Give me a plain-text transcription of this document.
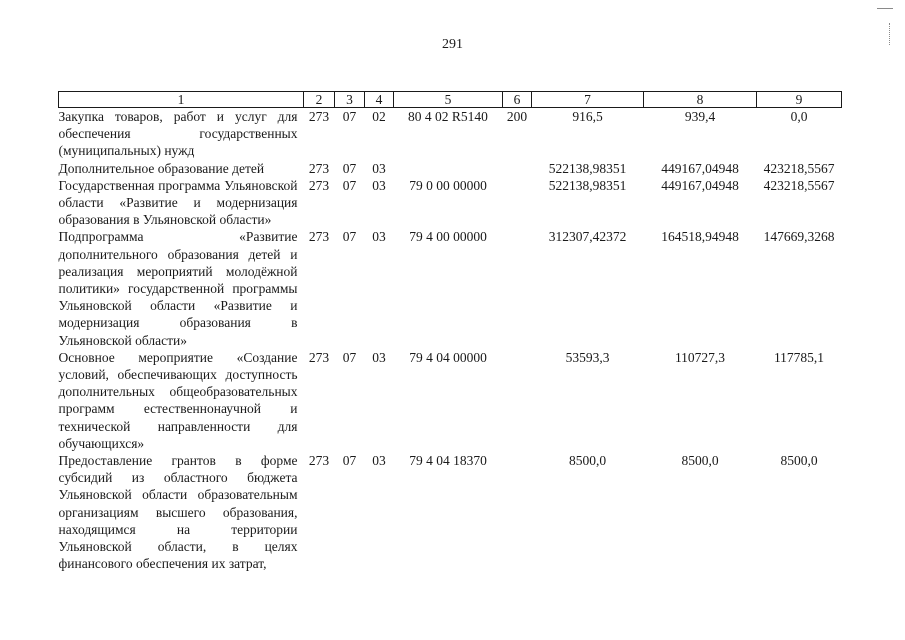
291
1	2	3	4	5	6	7	8	9
Закупка товаров, работ и услуг для обеспечения государственных (муниципальных) нужд	273	07	02	80 4 02 R5140	200	916,5	939,4	0,0
Дополнительное образование детей	273	07	03			522138,98351	449167,04948	423218,5567
Государственная программа Ульяновской области «Развитие и модернизация образования в Ульяновской области»	273	07	03	79 0 00 00000		522138,98351	449167,04948	423218,5567
Подпрограмма «Развитие дополнительного образования детей и реализация мероприятий молодёжной политики» государственной программы Ульяновской области «Развитие и модернизация образования в Ульяновской области»	273	07	03	79 4 00 00000		312307,42372	164518,94948	147669,3268
Основное мероприятие «Создание условий, обеспечивающих доступность дополнительных общеобразовательных программ естественнонаучной и технической направленности для обучающихся»	273	07	03	79 4 04 00000		53593,3	110727,3	117785,1
Предоставление грантов в форме субсидий из областного бюджета Ульяновской области образовательным организациям высшего образования, находящимся на территории Ульяновской области, в целях финансового обеспечения их затрат,	273	07	03	79 4 04 18370		8500,0	8500,0	8500,0
